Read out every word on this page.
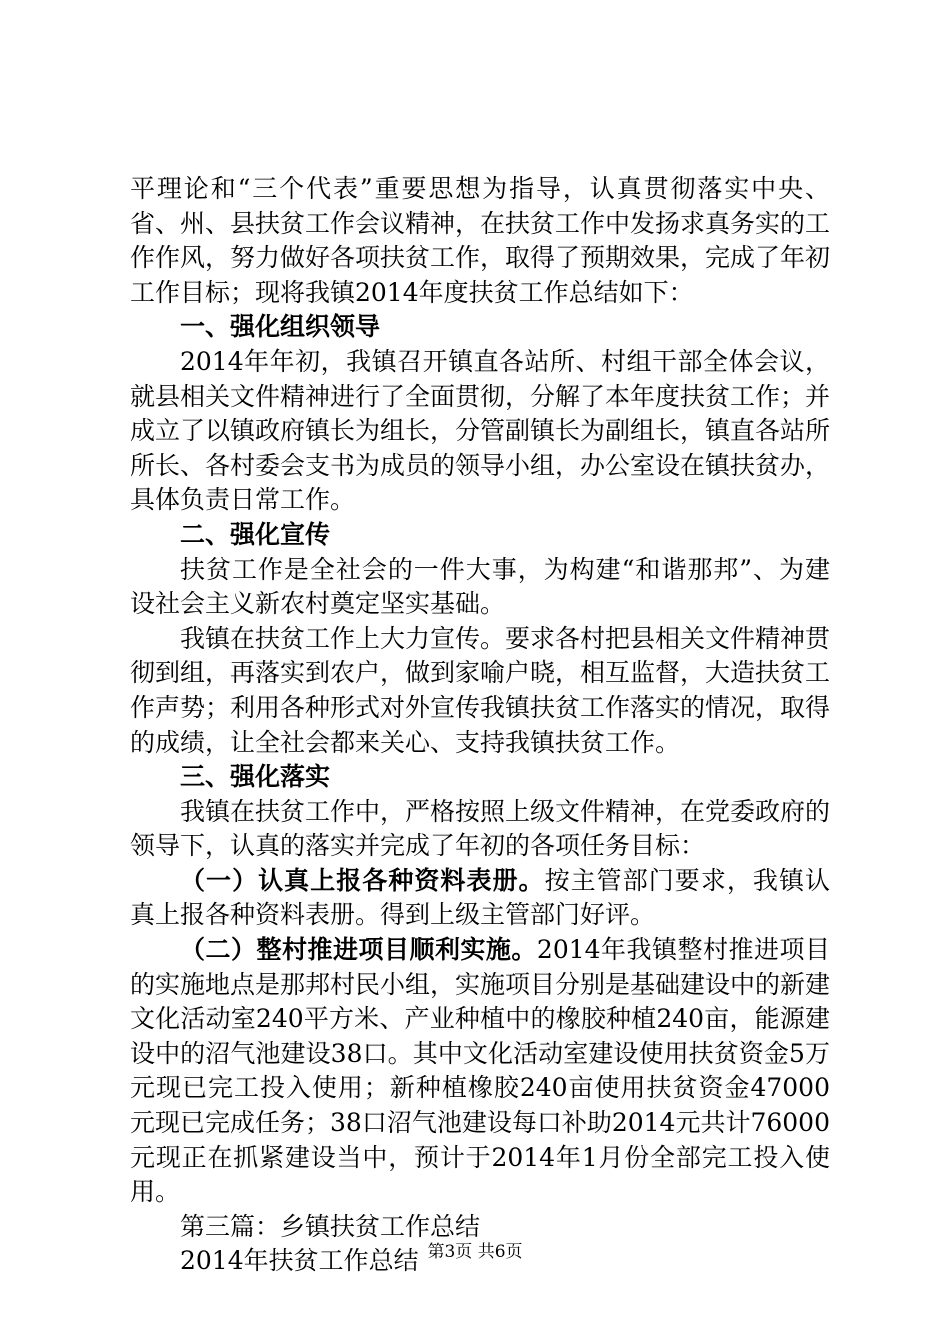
平理论和“三个代表”重要思想为指导，认真贯彻落实中央、省、州、县扶贫工作会议精神，在扶贫工作中发扬求真务实的工作作风，努力做好各项扶贫工作，取得了预期效果，完成了年初工作目标；现将我镇2014年度扶贫工作总结如下：

一、强化组织领导

2014年年初，我镇召开镇直各站所、村组干部全体会议，就县相关文件精神进行了全面贯彻，分解了本年度扶贫工作；并成立了以镇政府镇长为组长，分管副镇长为副组长，镇直各站所所长、各村委会支书为成员的领导小组，办公室设在镇扶贫办，具体负责日常工作。

二、强化宣传

扶贫工作是全社会的一件大事，为构建“和谐那邦”、为建设社会主义新农村奠定坚实基础。

我镇在扶贫工作上大力宣传。要求各村把县相关文件精神贯彻到组，再落实到农户，做到家喻户晓，相互监督，大造扶贫工作声势；利用各种形式对外宣传我镇扶贫工作落实的情况，取得的成绩，让全社会都来关心、支持我镇扶贫工作。

三、强化落实

我镇在扶贫工作中，严格按照上级文件精神，在党委政府的领导下，认真的落实并完成了年初的各项任务目标：

（一）认真上报各种资料表册。按主管部门要求，我镇认真上报各种资料表册。得到上级主管部门好评。

（二）整村推进项目顺利实施。2014年我镇整村推进项目的实施地点是那邦村民小组，实施项目分别是基础建设中的新建文化活动室240平方米、产业种植中的橡胶种植240亩，能源建设中的沼气池建设38口。其中文化活动室建设使用扶贫资金5万元现已完工投入使用；新种植橡胶240亩使用扶贫资金47000元现已完成任务；38口沼气池建设每口补助2014元共计76000元现正在抓紧建设当中，预计于2014年1月份全部完工投入使用。

第三篇：乡镇扶贫工作总结

2014年扶贫工作总结 第3页 共6页
